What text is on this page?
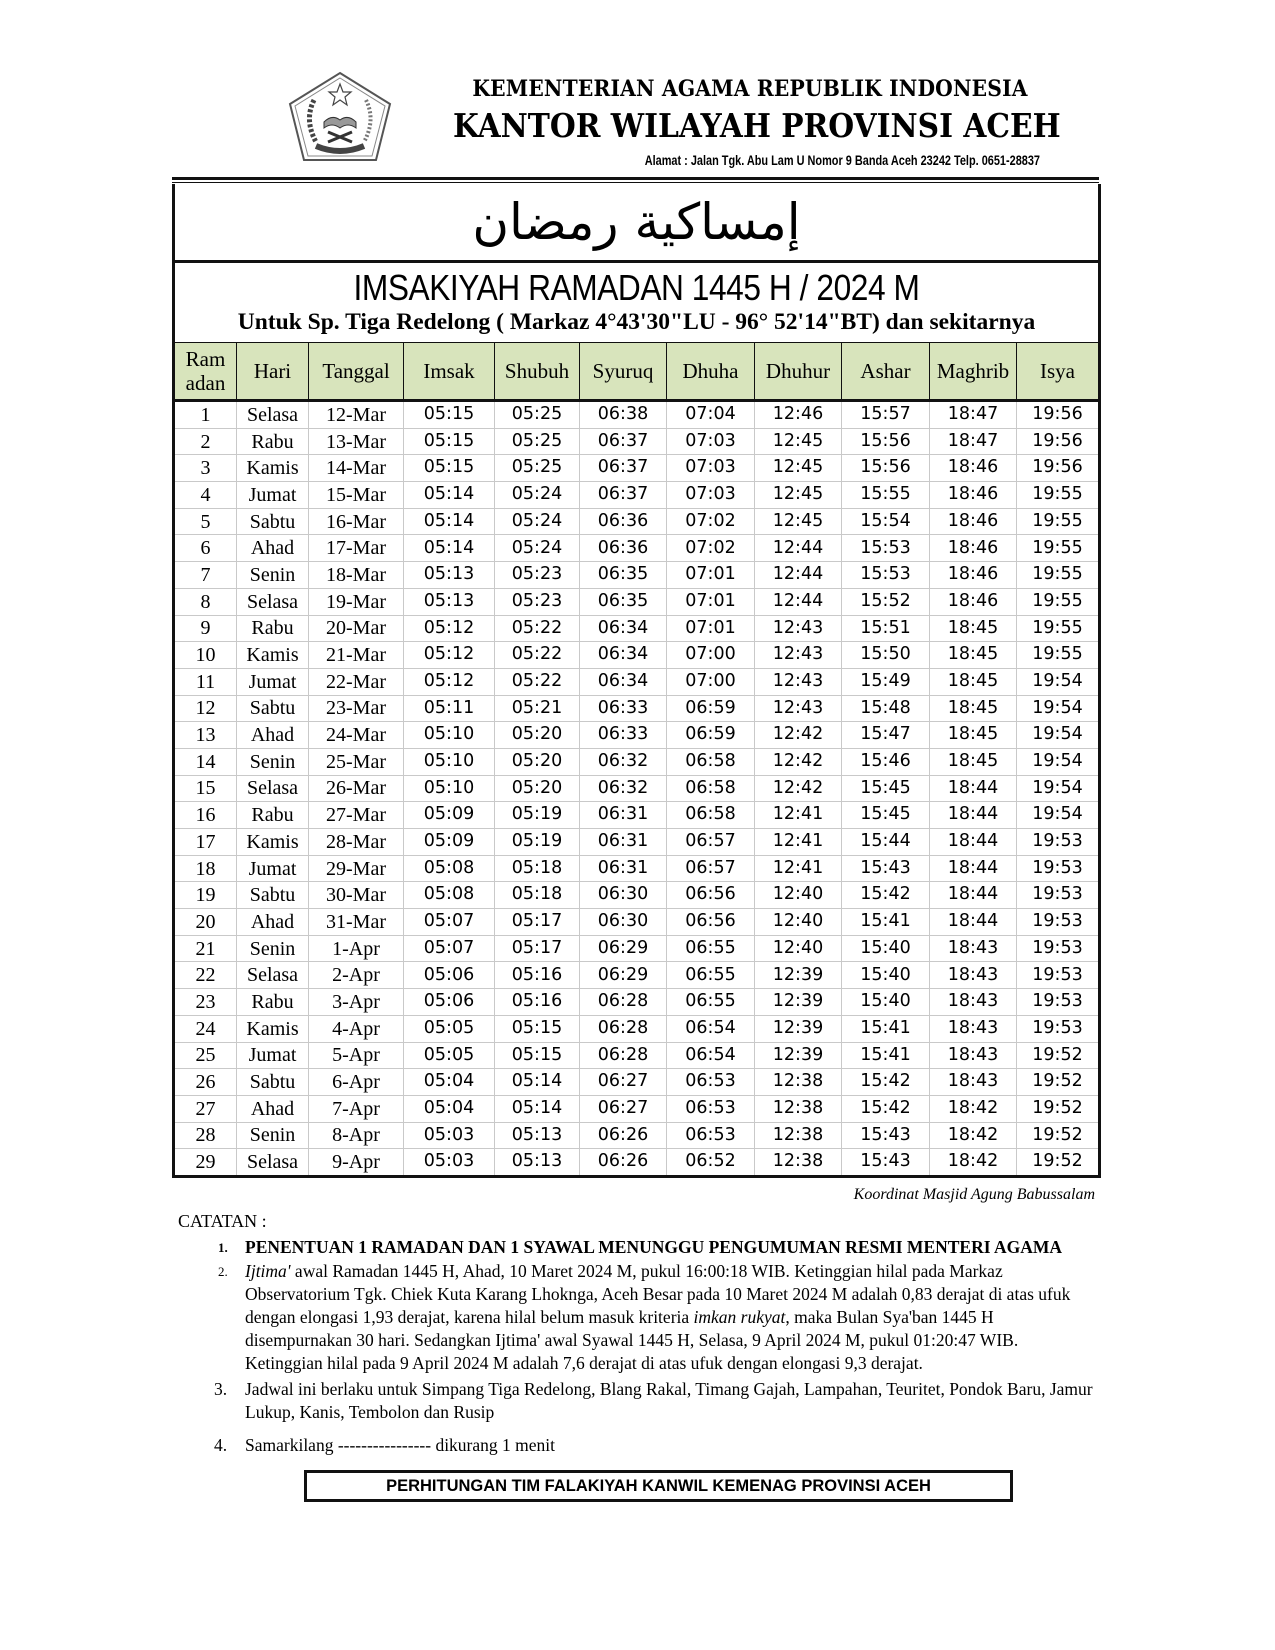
KEMENTERIAN AGAMA REPUBLIK INDONESIA
KANTOR WILAYAH PROVINSI ACEH
Alamat : Jalan Tgk. Abu Lam U Nomor 9 Banda Aceh 23242 Telp. 0651-28837
إمساكية رمضان
IMSAKIYAH RAMADAN 1445 H / 2024 M
Untuk Sp. Tiga Redelong ( Markaz 4°43'30"LU - 96° 52'14"BT) dan sekitarnya
Ram
adan	Hari	Tanggal	Imsak	Shubuh	Syuruq	Dhuha	Dhuhur	Ashar	Maghrib	Isya
1	Selasa	12-Mar	05:15	05:25	06:38	07:04	12:46	15:57	18:47	19:56
2	Rabu	13-Mar	05:15	05:25	06:37	07:03	12:45	15:56	18:47	19:56
3	Kamis	14-Mar	05:15	05:25	06:37	07:03	12:45	15:56	18:46	19:56
4	Jumat	15-Mar	05:14	05:24	06:37	07:03	12:45	15:55	18:46	19:55
5	Sabtu	16-Mar	05:14	05:24	06:36	07:02	12:45	15:54	18:46	19:55
6	Ahad	17-Mar	05:14	05:24	06:36	07:02	12:44	15:53	18:46	19:55
7	Senin	18-Mar	05:13	05:23	06:35	07:01	12:44	15:53	18:46	19:55
8	Selasa	19-Mar	05:13	05:23	06:35	07:01	12:44	15:52	18:46	19:55
9	Rabu	20-Mar	05:12	05:22	06:34	07:01	12:43	15:51	18:45	19:55
10	Kamis	21-Mar	05:12	05:22	06:34	07:00	12:43	15:50	18:45	19:55
11	Jumat	22-Mar	05:12	05:22	06:34	07:00	12:43	15:49	18:45	19:54
12	Sabtu	23-Mar	05:11	05:21	06:33	06:59	12:43	15:48	18:45	19:54
13	Ahad	24-Mar	05:10	05:20	06:33	06:59	12:42	15:47	18:45	19:54
14	Senin	25-Mar	05:10	05:20	06:32	06:58	12:42	15:46	18:45	19:54
15	Selasa	26-Mar	05:10	05:20	06:32	06:58	12:42	15:45	18:44	19:54
16	Rabu	27-Mar	05:09	05:19	06:31	06:58	12:41	15:45	18:44	19:54
17	Kamis	28-Mar	05:09	05:19	06:31	06:57	12:41	15:44	18:44	19:53
18	Jumat	29-Mar	05:08	05:18	06:31	06:57	12:41	15:43	18:44	19:53
19	Sabtu	30-Mar	05:08	05:18	06:30	06:56	12:40	15:42	18:44	19:53
20	Ahad	31-Mar	05:07	05:17	06:30	06:56	12:40	15:41	18:44	19:53
21	Senin	1-Apr	05:07	05:17	06:29	06:55	12:40	15:40	18:43	19:53
22	Selasa	2-Apr	05:06	05:16	06:29	06:55	12:39	15:40	18:43	19:53
23	Rabu	3-Apr	05:06	05:16	06:28	06:55	12:39	15:40	18:43	19:53
24	Kamis	4-Apr	05:05	05:15	06:28	06:54	12:39	15:41	18:43	19:53
25	Jumat	5-Apr	05:05	05:15	06:28	06:54	12:39	15:41	18:43	19:52
26	Sabtu	6-Apr	05:04	05:14	06:27	06:53	12:38	15:42	18:43	19:52
27	Ahad	7-Apr	05:04	05:14	06:27	06:53	12:38	15:42	18:42	19:52
28	Senin	8-Apr	05:03	05:13	06:26	06:53	12:38	15:43	18:42	19:52
29	Selasa	9-Apr	05:03	05:13	06:26	06:52	12:38	15:43	18:42	19:52
Koordinat Masjid Agung Babussalam
CATATAN :
1. PENENTUAN 1 RAMADAN DAN 1 SYAWAL MENUNGGU PENGUMUMAN RESMI MENTERI AGAMA
2. Ijtima' awal Ramadan 1445 H, Ahad, 10 Maret 2024 M, pukul 16:00:18 WIB. Ketinggian hilal pada Markaz Observatorium Tgk. Chiek Kuta Karang Lhoknga, Aceh Besar pada 10 Maret 2024 M adalah 0,83 derajat di atas ufuk dengan elongasi 1,93 derajat, karena hilal belum masuk kriteria imkan rukyat, maka Bulan Sya'ban 1445 H disempurnakan 30 hari. Sedangkan Ijtima' awal Syawal 1445 H, Selasa, 9 April 2024 M, pukul 01:20:47 WIB. Ketinggian hilal pada 9 April 2024 M adalah 7,6 derajat di atas ufuk dengan elongasi 9,3 derajat.
3. Jadwal ini berlaku untuk Simpang Tiga Redelong, Blang Rakal, Timang Gajah, Lampahan, Teuritet, Pondok Baru, Jamur Lukup, Kanis, Tembolon dan Rusip
4. Samarkilang ---------------- dikurang 1 menit
PERHITUNGAN TIM FALAKIYAH KANWIL KEMENAG PROVINSI ACEH
